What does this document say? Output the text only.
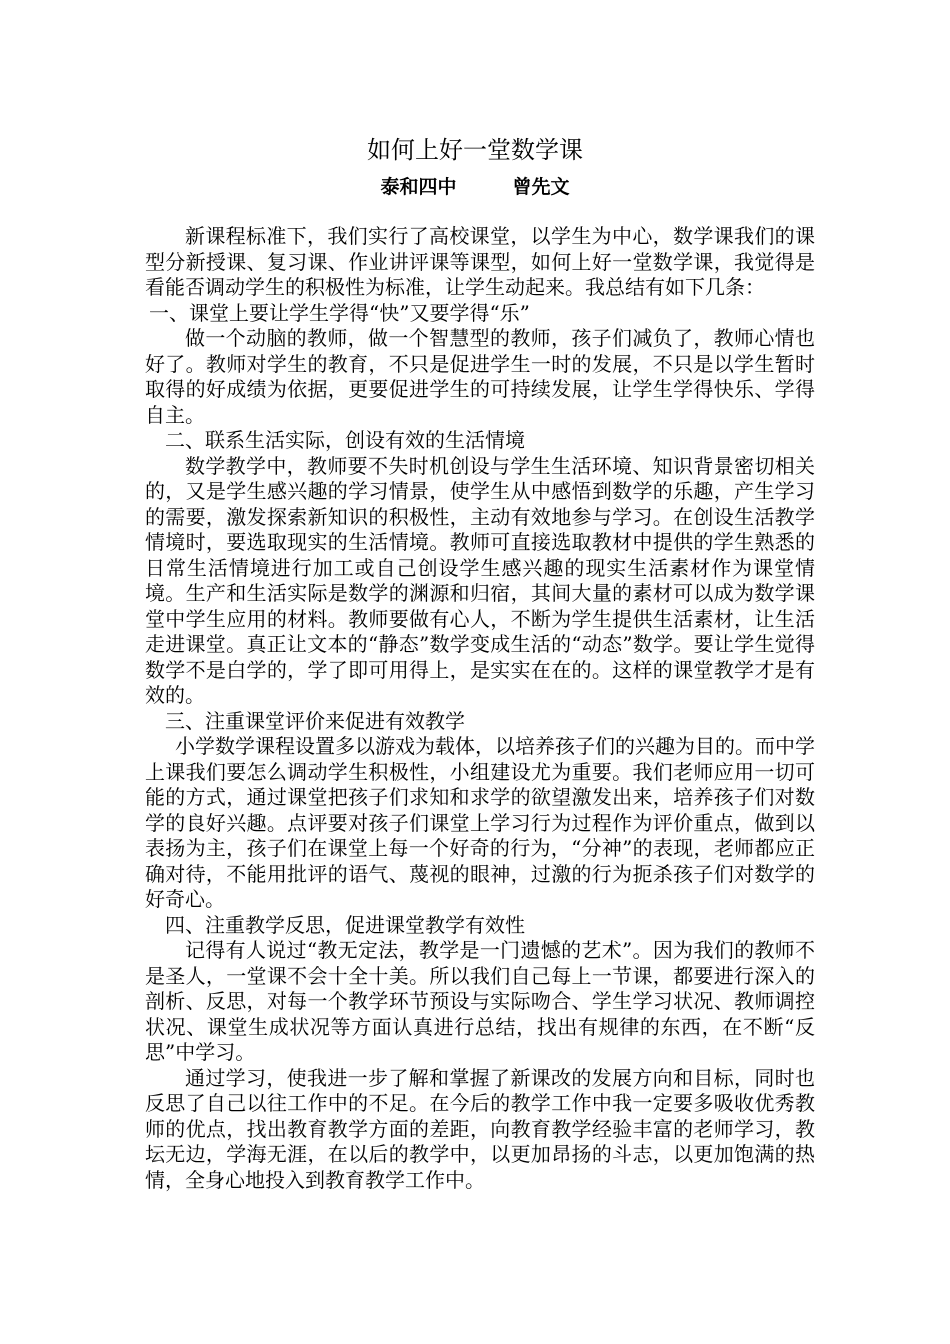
如何上好一堂数学课
泰和四中	曾先文

新课程标准下，我们实行了高校课堂，以学生为中心，数学课我们的课型分新授课、复习课、作业讲评课等课型，如何上好一堂数学课，我觉得是看能否调动学生的积极性为标准，让学生动起来。我总结有如下几条：

一、课堂上要让学生学得“快”又要学得“乐”

做一个动脑的教师，做一个智慧型的教师，孩子们减负了，教师心情也好了。教师对学生的教育，不只是促进学生一时的发展，不只是以学生暂时取得的好成绩为依据，更要促进学生的可持续发展，让学生学得快乐、学得自主。

二、联系生活实际，创设有效的生活情境

数学教学中，教师要不失时机创设与学生生活环境、知识背景密切相关的，又是学生感兴趣的学习情景，使学生从中感悟到数学的乐趣，产生学习的需要，激发探索新知识的积极性，主动有效地参与学习。在创设生活教学情境时，要选取现实的生活情境。教师可直接选取教材中提供的学生熟悉的日常生活情境进行加工或自己创设学生感兴趣的现实生活素材作为课堂情境。生产和生活实际是数学的渊源和归宿，其间大量的素材可以成为数学课堂中学生应用的材料。教师要做有心人，不断为学生提供生活素材，让生活走进课堂。真正让文本的“静态”数学变成生活的“动态”数学。要让学生觉得数学不是白学的，学了即可用得上，是实实在在的。这样的课堂教学才是有效的。

三、注重课堂评价来促进有效教学

小学数学课程设置多以游戏为载体，以培养孩子们的兴趣为目的。而中学上课我们要怎么调动学生积极性，小组建设尤为重要。我们老师应用一切可能的方式，通过课堂把孩子们求知和求学的欲望激发出来，培养孩子们对数学的良好兴趣。点评要对孩子们课堂上学习行为过程作为评价重点，做到以表扬为主，孩子们在课堂上每一个好奇的行为，“分神”的表现，老师都应正确对待，不能用批评的语气、蔑视的眼神，过激的行为扼杀孩子们对数学的好奇心。

四、注重教学反思，促进课堂教学有效性

记得有人说过“教无定法，教学是一门遗憾的艺术”。因为我们的教师不是圣人，一堂课不会十全十美。所以我们自己每上一节课，都要进行深入的剖析、反思，对每一个教学环节预设与实际吻合、学生学习状况、教师调控状况、课堂生成状况等方面认真进行总结，找出有规律的东西，在不断“反思”中学习。

通过学习，使我进一步了解和掌握了新课改的发展方向和目标，同时也反思了自己以往工作中的不足。在今后的教学工作中我一定要多吸收优秀教师的优点，找出教育教学方面的差距，向教育教学经验丰富的老师学习，教坛无边，学海无涯，在以后的教学中，以更加昂扬的斗志，以更加饱满的热情，全身心地投入到教育教学工作中。
